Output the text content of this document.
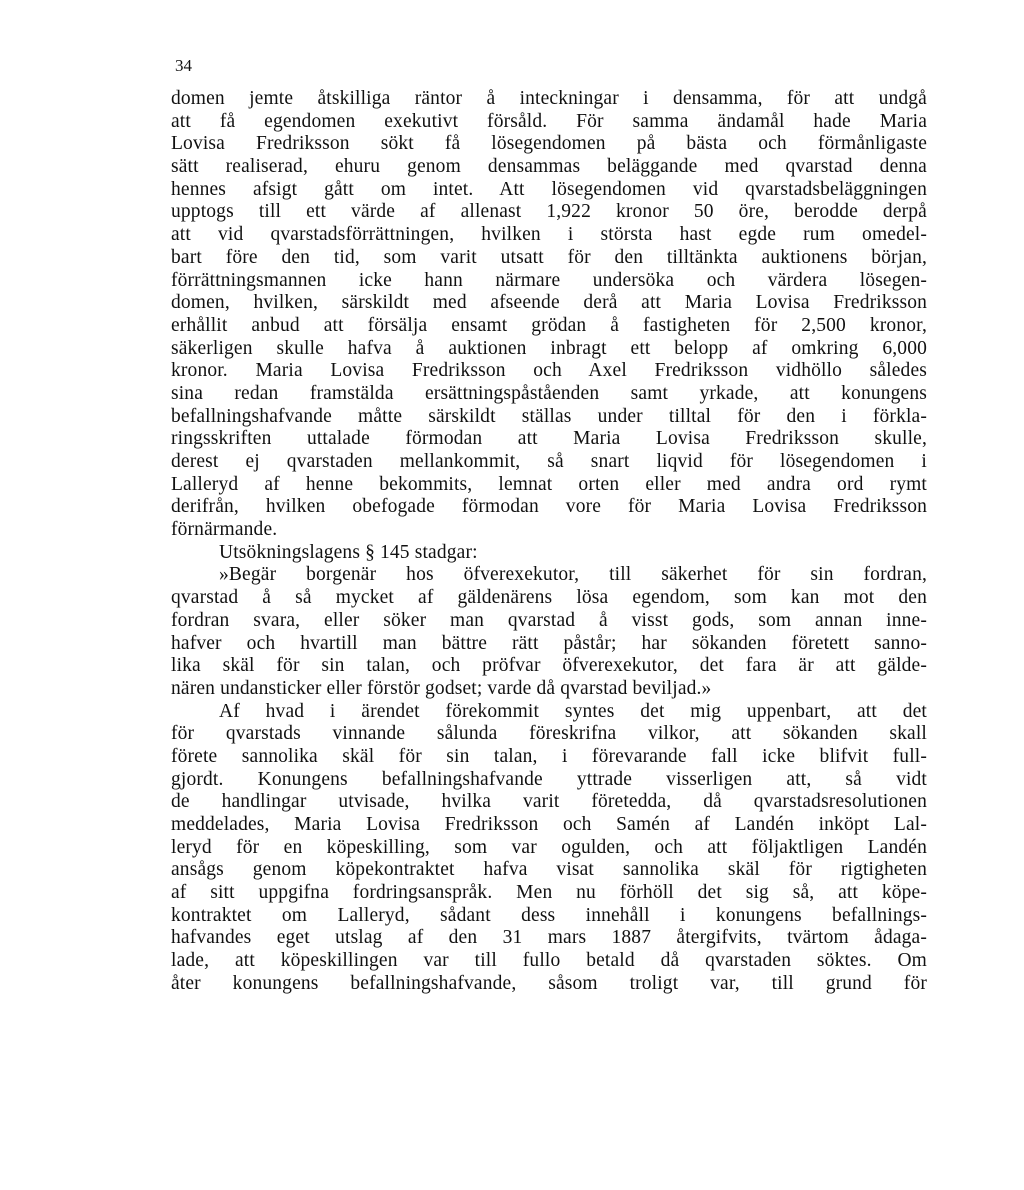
34
domen jemte åtskilliga räntor å inteckningar i densamma, för att undgå
att få egendomen exekutivt försåld. För samma ändamål hade Maria
Lovisa Fredriksson sökt få lösegendomen på bästa och förmånligaste
sätt realiserad, ehuru genom densammas beläggande med qvarstad denna
hennes afsigt gått om intet. Att lösegendomen vid qvarstadsbeläggningen
upptogs till ett värde af allenast 1,922 kronor 50 öre, berodde derpå
att vid qvarstadsförrättningen, hvilken i största hast egde rum omedel-
bart före den tid, som varit utsatt för den tilltänkta auktionens början,
förrättningsmannen icke hann närmare undersöka och värdera lösegen-
domen, hvilken, särskildt med afseende derå att Maria Lovisa Fredriksson
erhållit anbud att försälja ensamt grödan å fastigheten för 2,500 kronor,
säkerligen skulle hafva å auktionen inbragt ett belopp af omkring 6,000
kronor. Maria Lovisa Fredriksson och Axel Fredriksson vidhöllo således
sina redan framstälda ersättningspåståenden samt yrkade, att konungens
befallningshafvande måtte särskildt ställas under tilltal för den i förkla-
ringsskriften uttalade förmodan att Maria Lovisa Fredriksson skulle,
derest ej qvarstaden mellankommit, så snart liqvid för lösegendomen i
Lalleryd af henne bekommits, lemnat orten eller med andra ord rymt
derifrån, hvilken obefogade förmodan vore för Maria Lovisa Fredriksson
förnärmande.
Utsökningslagens § 145 stadgar:
»Begär borgenär hos öfverexekutor, till säkerhet för sin fordran,
qvarstad å så mycket af gäldenärens lösa egendom, som kan mot den
fordran svara, eller söker man qvarstad å visst gods, som annan inne-
hafver och hvartill man bättre rätt påstår; har sökanden företett sanno-
lika skäl för sin talan, och pröfvar öfverexekutor, det fara är att gälde-
nären undansticker eller förstör godset; varde då qvarstad beviljad.»
Af hvad i ärendet förekommit syntes det mig uppenbart, att det
för qvarstads vinnande sålunda föreskrifna vilkor, att sökanden skall
förete sannolika skäl för sin talan, i förevarande fall icke blifvit full-
gjordt. Konungens befallningshafvande yttrade visserligen att, så vidt
de handlingar utvisade, hvilka varit företedda, då qvarstadsresolutionen
meddelades, Maria Lovisa Fredriksson och Samén af Landén inköpt Lal-
leryd för en köpeskilling, som var ogulden, och att följaktligen Landén
ansågs genom köpekontraktet hafva visat sannolika skäl för rigtigheten
af sitt uppgifna fordringsanspråk. Men nu förhöll det sig så, att köpe-
kontraktet om Lalleryd, sådant dess innehåll i konungens befallnings-
hafvandes eget utslag af den 31 mars 1887 återgifvits, tvärtom ådaga-
lade, att köpeskillingen var till fullo betald då qvarstaden söktes. Om
åter konungens befallningshafvande, såsom troligt var, till grund för
